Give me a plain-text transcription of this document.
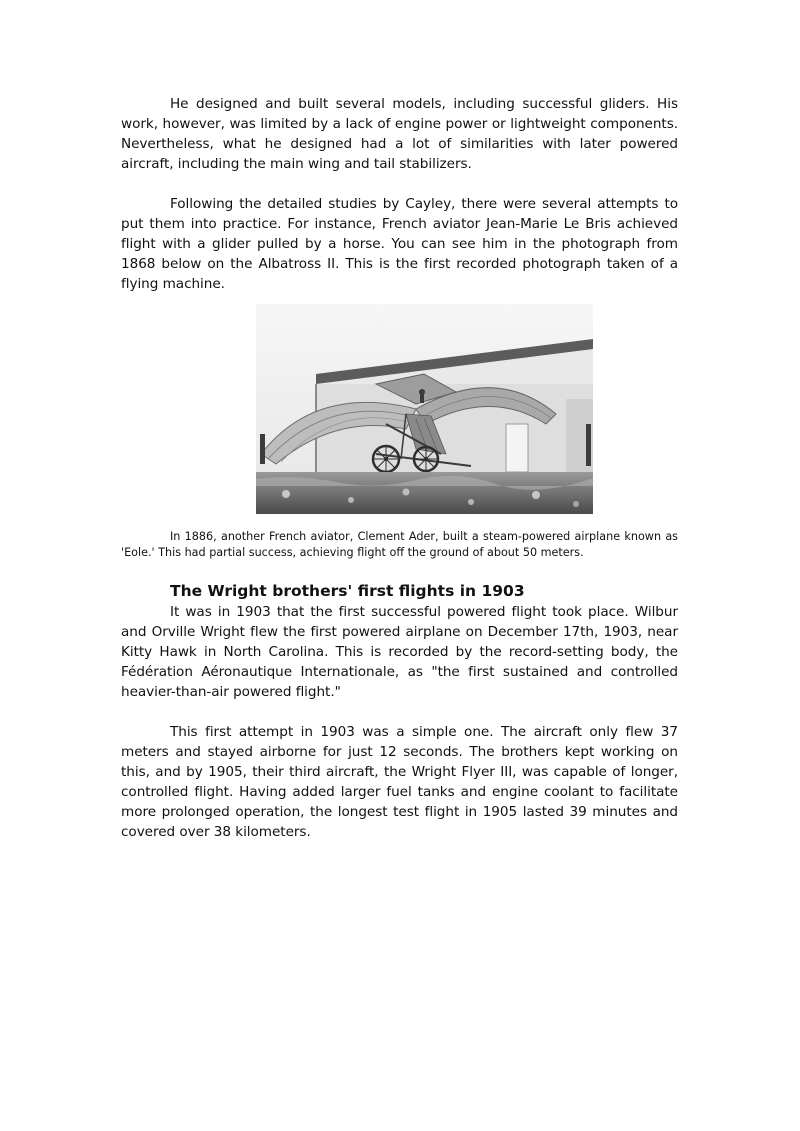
He designed and built several models, including successful gliders. His work, however, was limited by a lack of engine power or lightweight components. Nevertheless, what he designed had a lot of similarities with later powered aircraft, including the main wing and tail stabilizers.

Following the detailed studies by Cayley, there were several attempts to put them into practice. For instance, French aviator Jean-Marie Le Bris achieved flight with a glider pulled by a horse. You can see him in the photograph from 1868 below on the Albatross II. This is the first recorded photograph taken of a flying machine.

In 1886, another French aviator, Clement Ader, built a steam-powered airplane known as 'Eole.' This had partial success, achieving flight off the ground of about 50 meters.

The Wright brothers' first flights in 1903

It was in 1903 that the first successful powered flight took place. Wilbur and Orville Wright flew the first powered airplane on December 17th, 1903, near Kitty Hawk in North Carolina. This is recorded by the record-setting body, the Fédération Aéronautique Internationale, as "the first sustained and controlled heavier-than-air powered flight."

This first attempt in 1903 was a simple one. The aircraft only flew 37 meters and stayed airborne for just 12 seconds. The brothers kept working on this, and by 1905, their third aircraft, the Wright Flyer III, was capable of longer, controlled flight. Having added larger fuel tanks and engine coolant to facilitate more prolonged operation, the longest test flight in 1905 lasted 39 minutes and covered over 38 kilometers.
